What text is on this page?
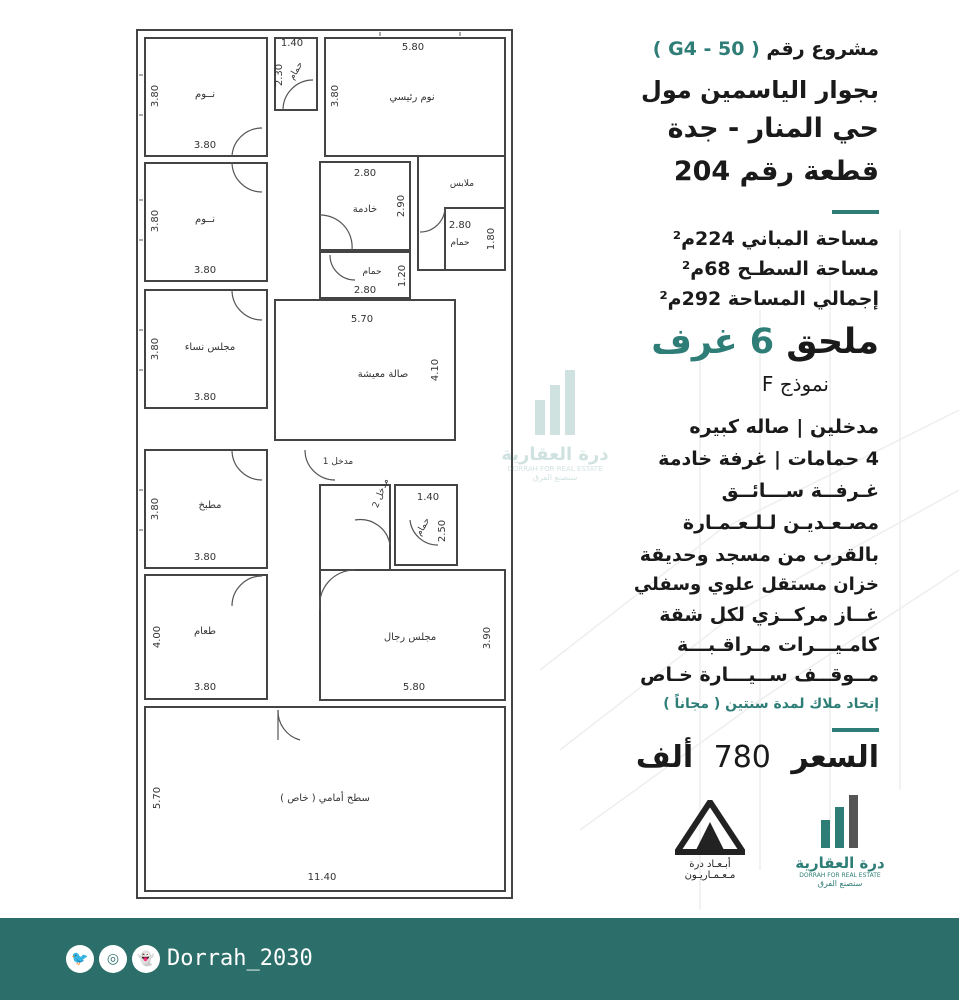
نــوم
نــوم
نوم رئيسي
خادمة
ملابس
حمام
حمام
حمام
حمام
مجلس نساء
صالة معيشة
مطبخ
طعام
مجلس رجال
سطح أمامي ( خاص )
مدخل 1
مدخل 2
3.80
3.80
3.80
3.80
1.40
2.30
5.80
3.80
2.80
2.90
2.80
1.80
2.80
1.20
3.80
3.80
5.70
4.10
3.80
3.80
1.40
2.50
3.80
4.00
5.80
3.90
11.40
5.70
درة العقارية
DORRAH FOR REAL ESTATE
سنصنع الفرق
مشروع رقم ( G4 - 50 )
بجوار الياسمين مول
حي المنار - جدة
قطعة رقم 204
مساحة المباني 224م²
مساحة السطـح 68م²
إجمالي المساحة 292م²
ملحق 6 غرف
نموذج F
مدخلين | صاله كبيره
4 حمامات | غرفة خادمة
غـرفــة ســـائــق
مصـعـديـن لـلـعـمـارة
بالقرب من مسجد وحديقة
خزان مستقل علوي وسفلي
غــاز مركــزي لكل شقة
كامـيـــرات مـراقـبـــة
مــوقــف ســيـــارة خـاص
إتحاد ملاك لمدة سنتين ( مجاناً )
السعر 780 ألف
أبـعـاد درة
مـعـمـاريـون
درة العقارية
DORRAH FOR REAL ESTATE
سنصنع الفرق
🐦	◎	👻 Dorrah_2030
